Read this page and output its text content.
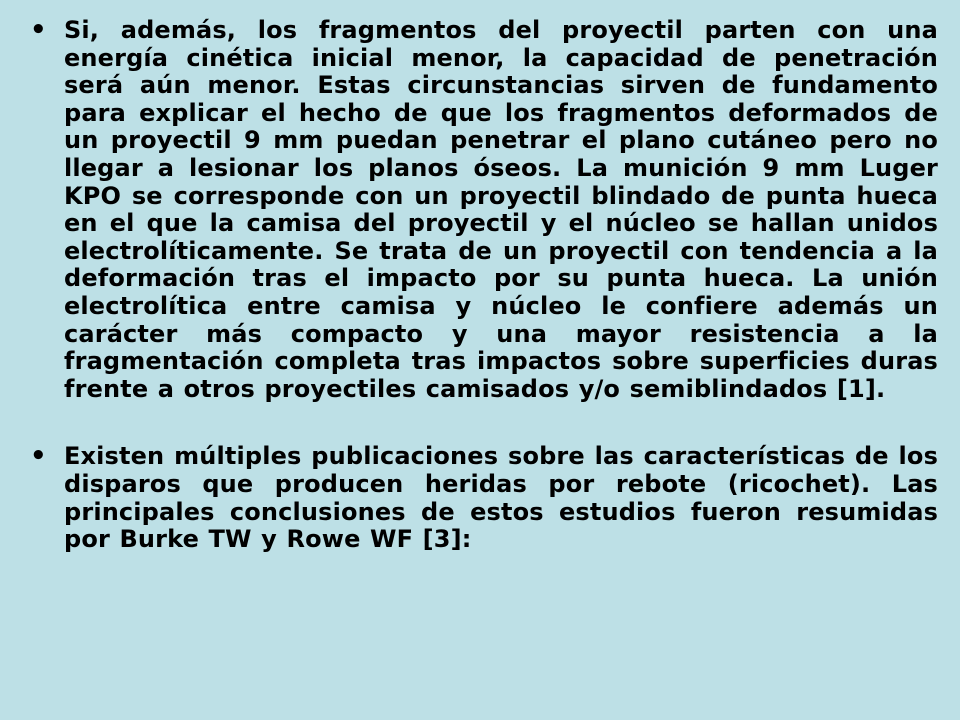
• Si, además, los fragmentos del proyectil parten con una energía cinética inicial menor, la capacidad de penetración será aún menor. Estas circunstancias sirven de fundamento para explicar el hecho de que los fragmentos deformados de un proyectil 9 mm puedan penetrar el plano cutáneo pero no llegar a lesionar los planos óseos. La munición 9 mm Luger KPO se corresponde con un proyectil blindado de punta hueca en el que la camisa del proyectil y el núcleo se hallan unidos electrolíticamente. Se trata de un proyectil con tendencia a la deformación tras el impacto por su punta hueca. La unión electrolítica entre camisa y núcleo le confiere además un carácter más compacto y una mayor resistencia a la fragmentación completa tras impactos sobre superficies duras frente a otros proyectiles camisados y/o semiblindados [1].
• Existen múltiples publicaciones sobre las características de los disparos que producen heridas por rebote (ricochet). Las principales conclusiones de estos estudios fueron resumidas por Burke TW y Rowe WF [3]:
